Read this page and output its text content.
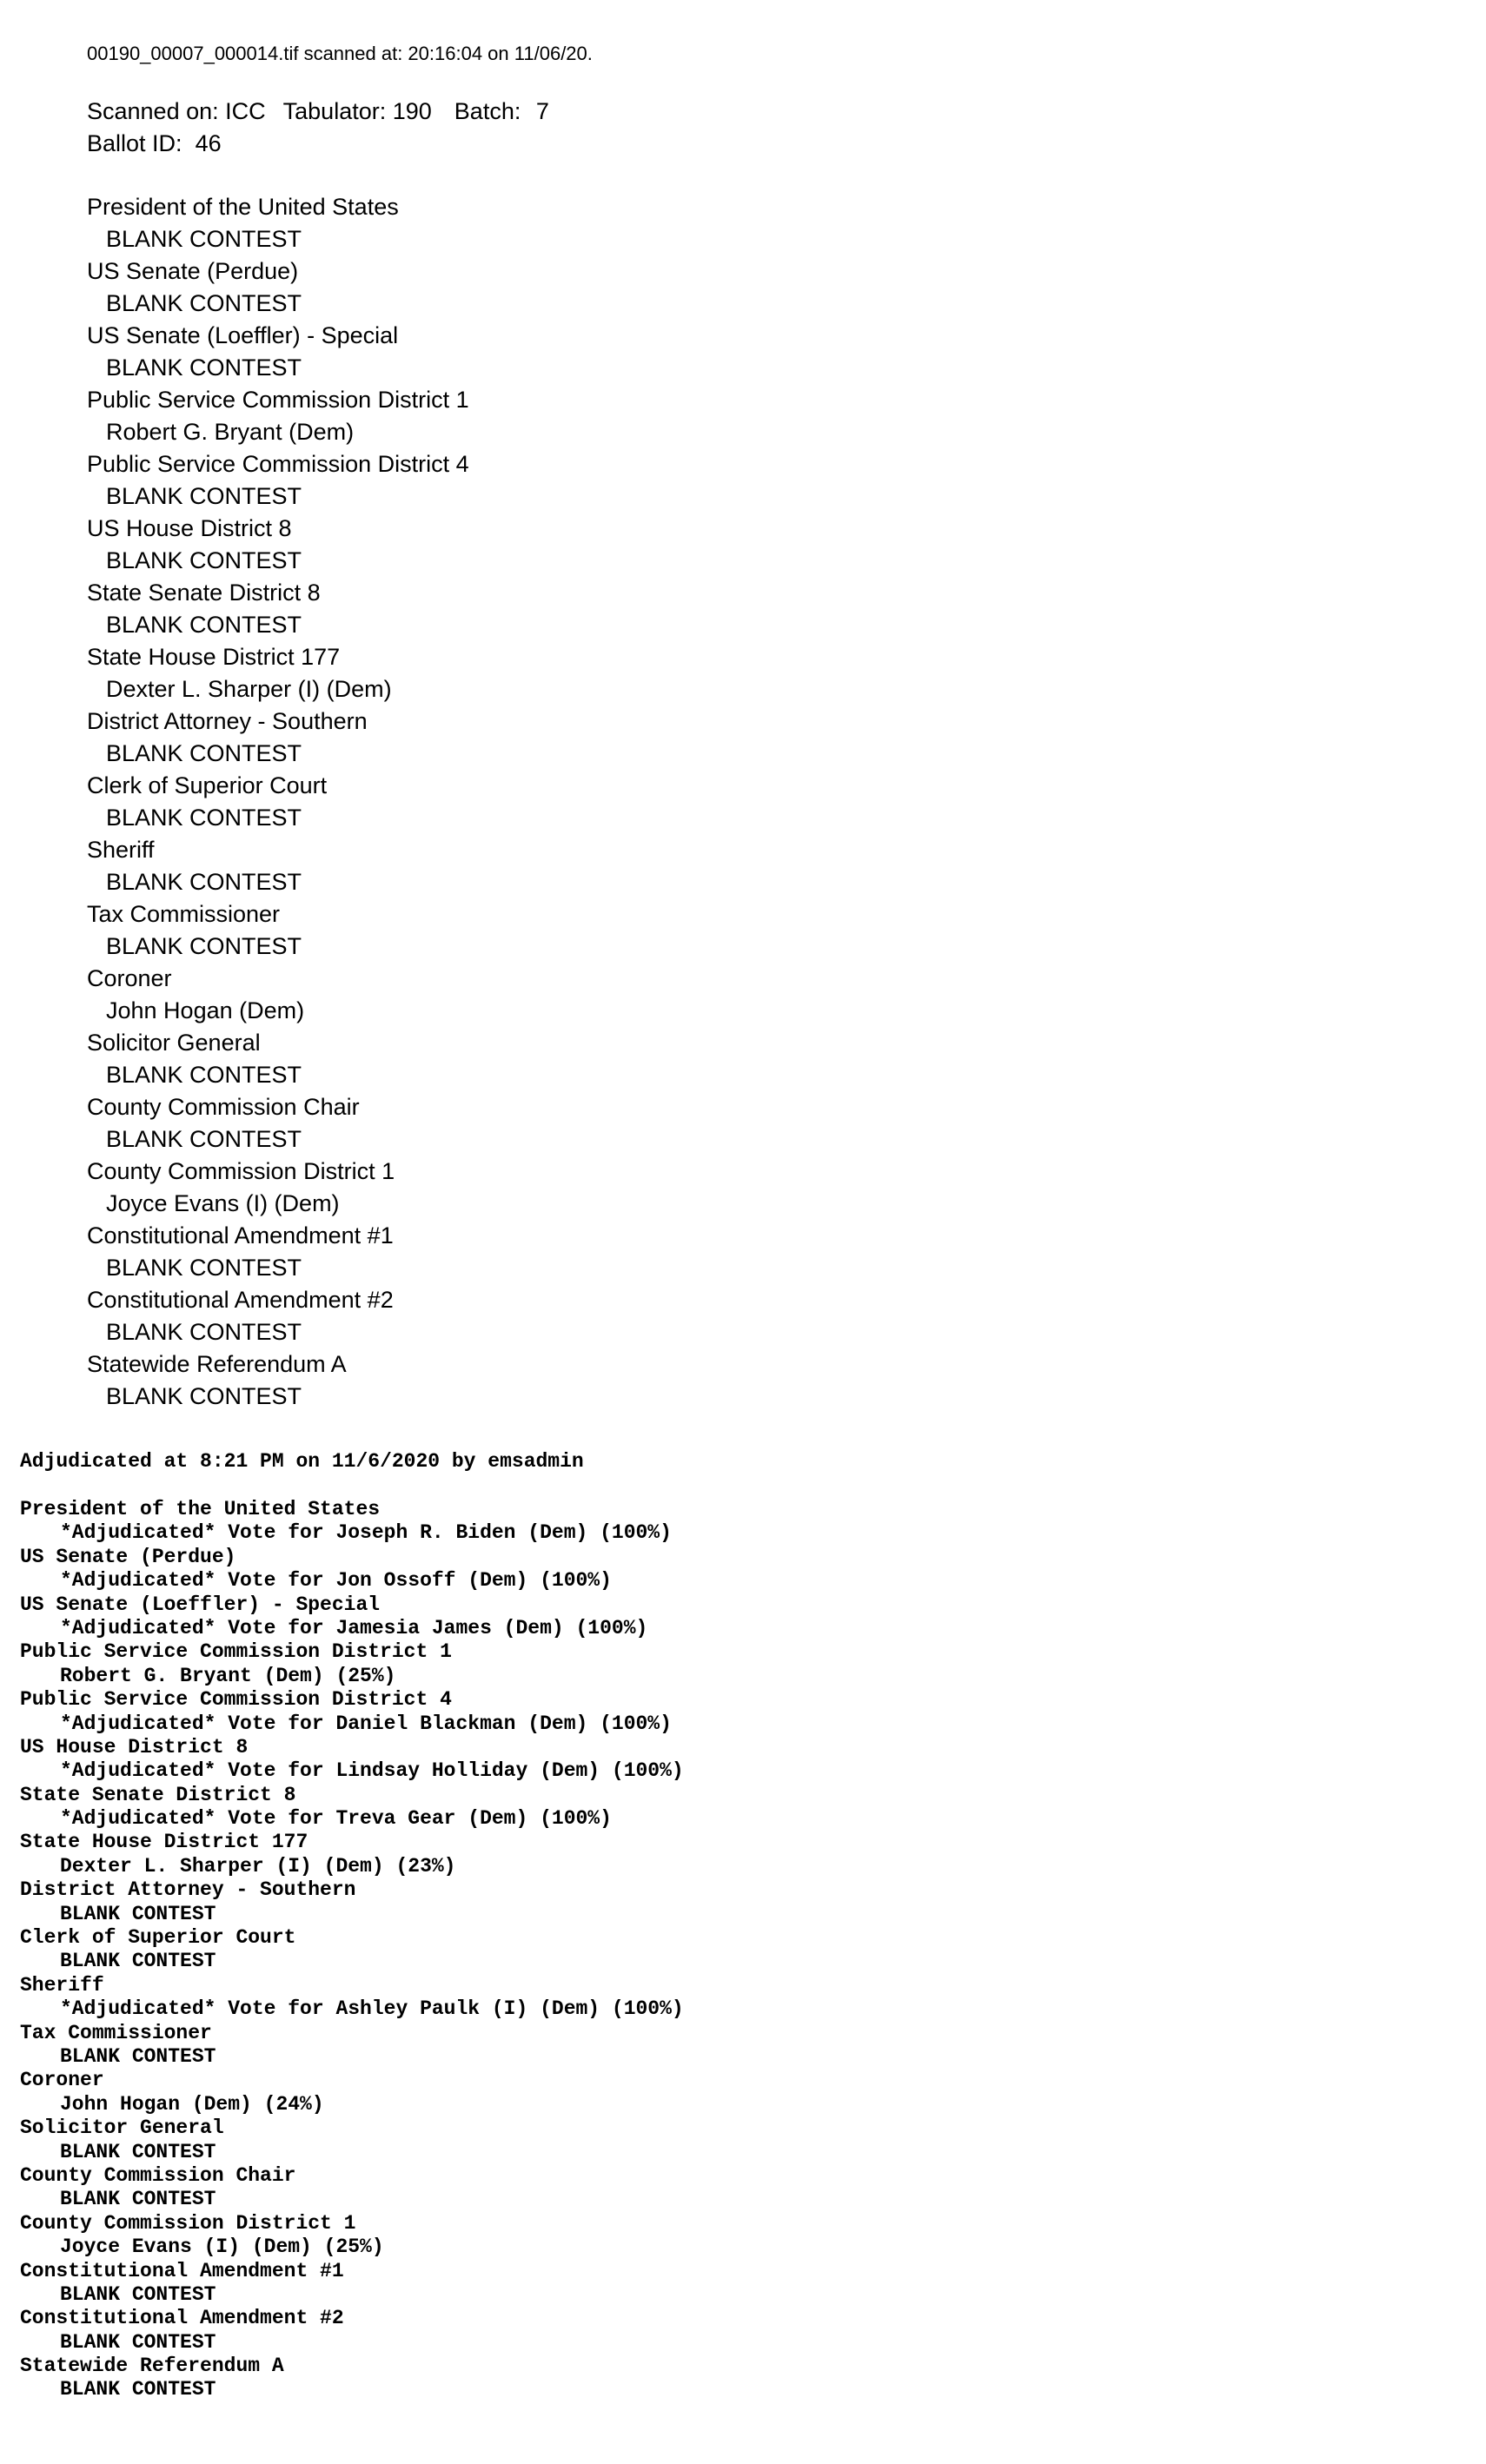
00190_00007_000014.tif scanned at: 20:16:04 on 11/06/20.
Scanned on: ICC Tabulator: 190 Batch: 7
Ballot ID: 46
President of the United States
BLANK CONTEST
US Senate (Perdue)
BLANK CONTEST
US Senate (Loeffler) - Special
BLANK CONTEST
Public Service Commission District 1
Robert G. Bryant (Dem)
Public Service Commission District 4
BLANK CONTEST
US House District 8
BLANK CONTEST
State Senate District 8
BLANK CONTEST
State House District 177
Dexter L. Sharper (I) (Dem)
District Attorney - Southern
BLANK CONTEST
Clerk of Superior Court
BLANK CONTEST
Sheriff
BLANK CONTEST
Tax Commissioner
BLANK CONTEST
Coroner
John Hogan (Dem)
Solicitor General
BLANK CONTEST
County Commission Chair
BLANK CONTEST
County Commission District 1
Joyce Evans (I) (Dem)
Constitutional Amendment #1
BLANK CONTEST
Constitutional Amendment #2
BLANK CONTEST
Statewide Referendum A
BLANK CONTEST
Adjudicated at 8:21 PM on 11/6/2020 by emsadmin
President of the United States
*Adjudicated* Vote for Joseph R. Biden (Dem) (100%)
US Senate (Perdue)
*Adjudicated* Vote for Jon Ossoff (Dem) (100%)
US Senate (Loeffler) - Special
*Adjudicated* Vote for Jamesia James (Dem) (100%)
Public Service Commission District 1
Robert G. Bryant (Dem) (25%)
Public Service Commission District 4
*Adjudicated* Vote for Daniel Blackman (Dem) (100%)
US House District 8
*Adjudicated* Vote for Lindsay Holliday (Dem) (100%)
State Senate District 8
*Adjudicated* Vote for Treva Gear (Dem) (100%)
State House District 177
Dexter L. Sharper (I) (Dem) (23%)
District Attorney - Southern
BLANK CONTEST
Clerk of Superior Court
BLANK CONTEST
Sheriff
*Adjudicated* Vote for Ashley Paulk (I) (Dem) (100%)
Tax Commissioner
BLANK CONTEST
Coroner
John Hogan (Dem) (24%)
Solicitor General
BLANK CONTEST
County Commission Chair
BLANK CONTEST
County Commission District 1
Joyce Evans (I) (Dem) (25%)
Constitutional Amendment #1
BLANK CONTEST
Constitutional Amendment #2
BLANK CONTEST
Statewide Referendum A
BLANK CONTEST
